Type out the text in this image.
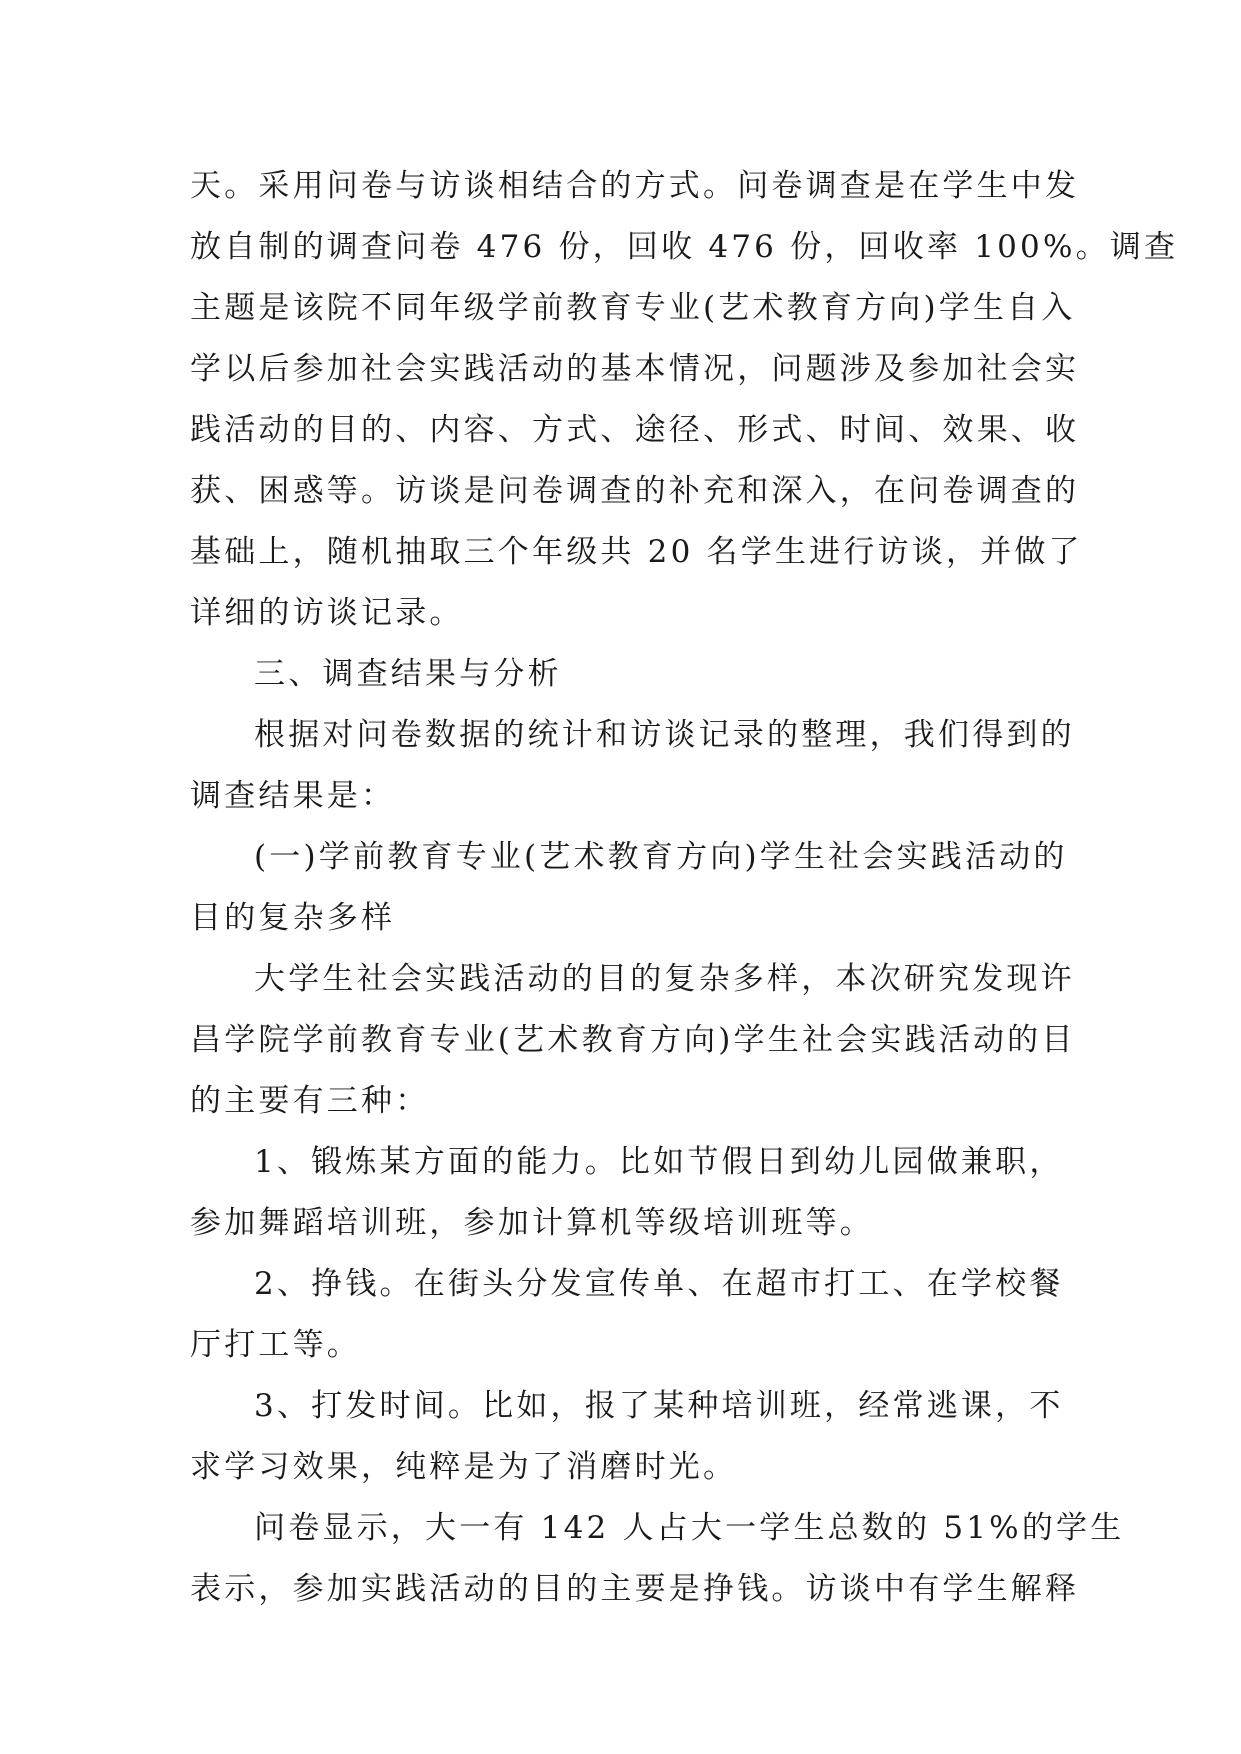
天。采用问卷与访谈相结合的方式。问卷调查是在学生中发
放自制的调查问卷 476 份，回收 476 份，回收率 100%。调查
主题是该院不同年级学前教育专业(艺术教育方向)学生自入
学以后参加社会实践活动的基本情况，问题涉及参加社会实
践活动的目的、内容、方式、途径、形式、时间、效果、收
获、困惑等。访谈是问卷调查的补充和深入，在问卷调查的
基础上，随机抽取三个年级共 20 名学生进行访谈，并做了
详细的访谈记录。
三、调查结果与分析
根据对问卷数据的统计和访谈记录的整理，我们得到的
调查结果是：
(一)学前教育专业(艺术教育方向)学生社会实践活动的
目的复杂多样
大学生社会实践活动的目的复杂多样，本次研究发现许
昌学院学前教育专业(艺术教育方向)学生社会实践活动的目
的主要有三种：
1、锻炼某方面的能力。比如节假日到幼儿园做兼职，
参加舞蹈培训班，参加计算机等级培训班等。
2、挣钱。在街头分发宣传单、在超市打工、在学校餐
厅打工等。
3、打发时间。比如，报了某种培训班，经常逃课，不
求学习效果，纯粹是为了消磨时光。
问卷显示，大一有 142 人占大一学生总数的 51%的学生
表示，参加实践活动的目的主要是挣钱。访谈中有学生解释
